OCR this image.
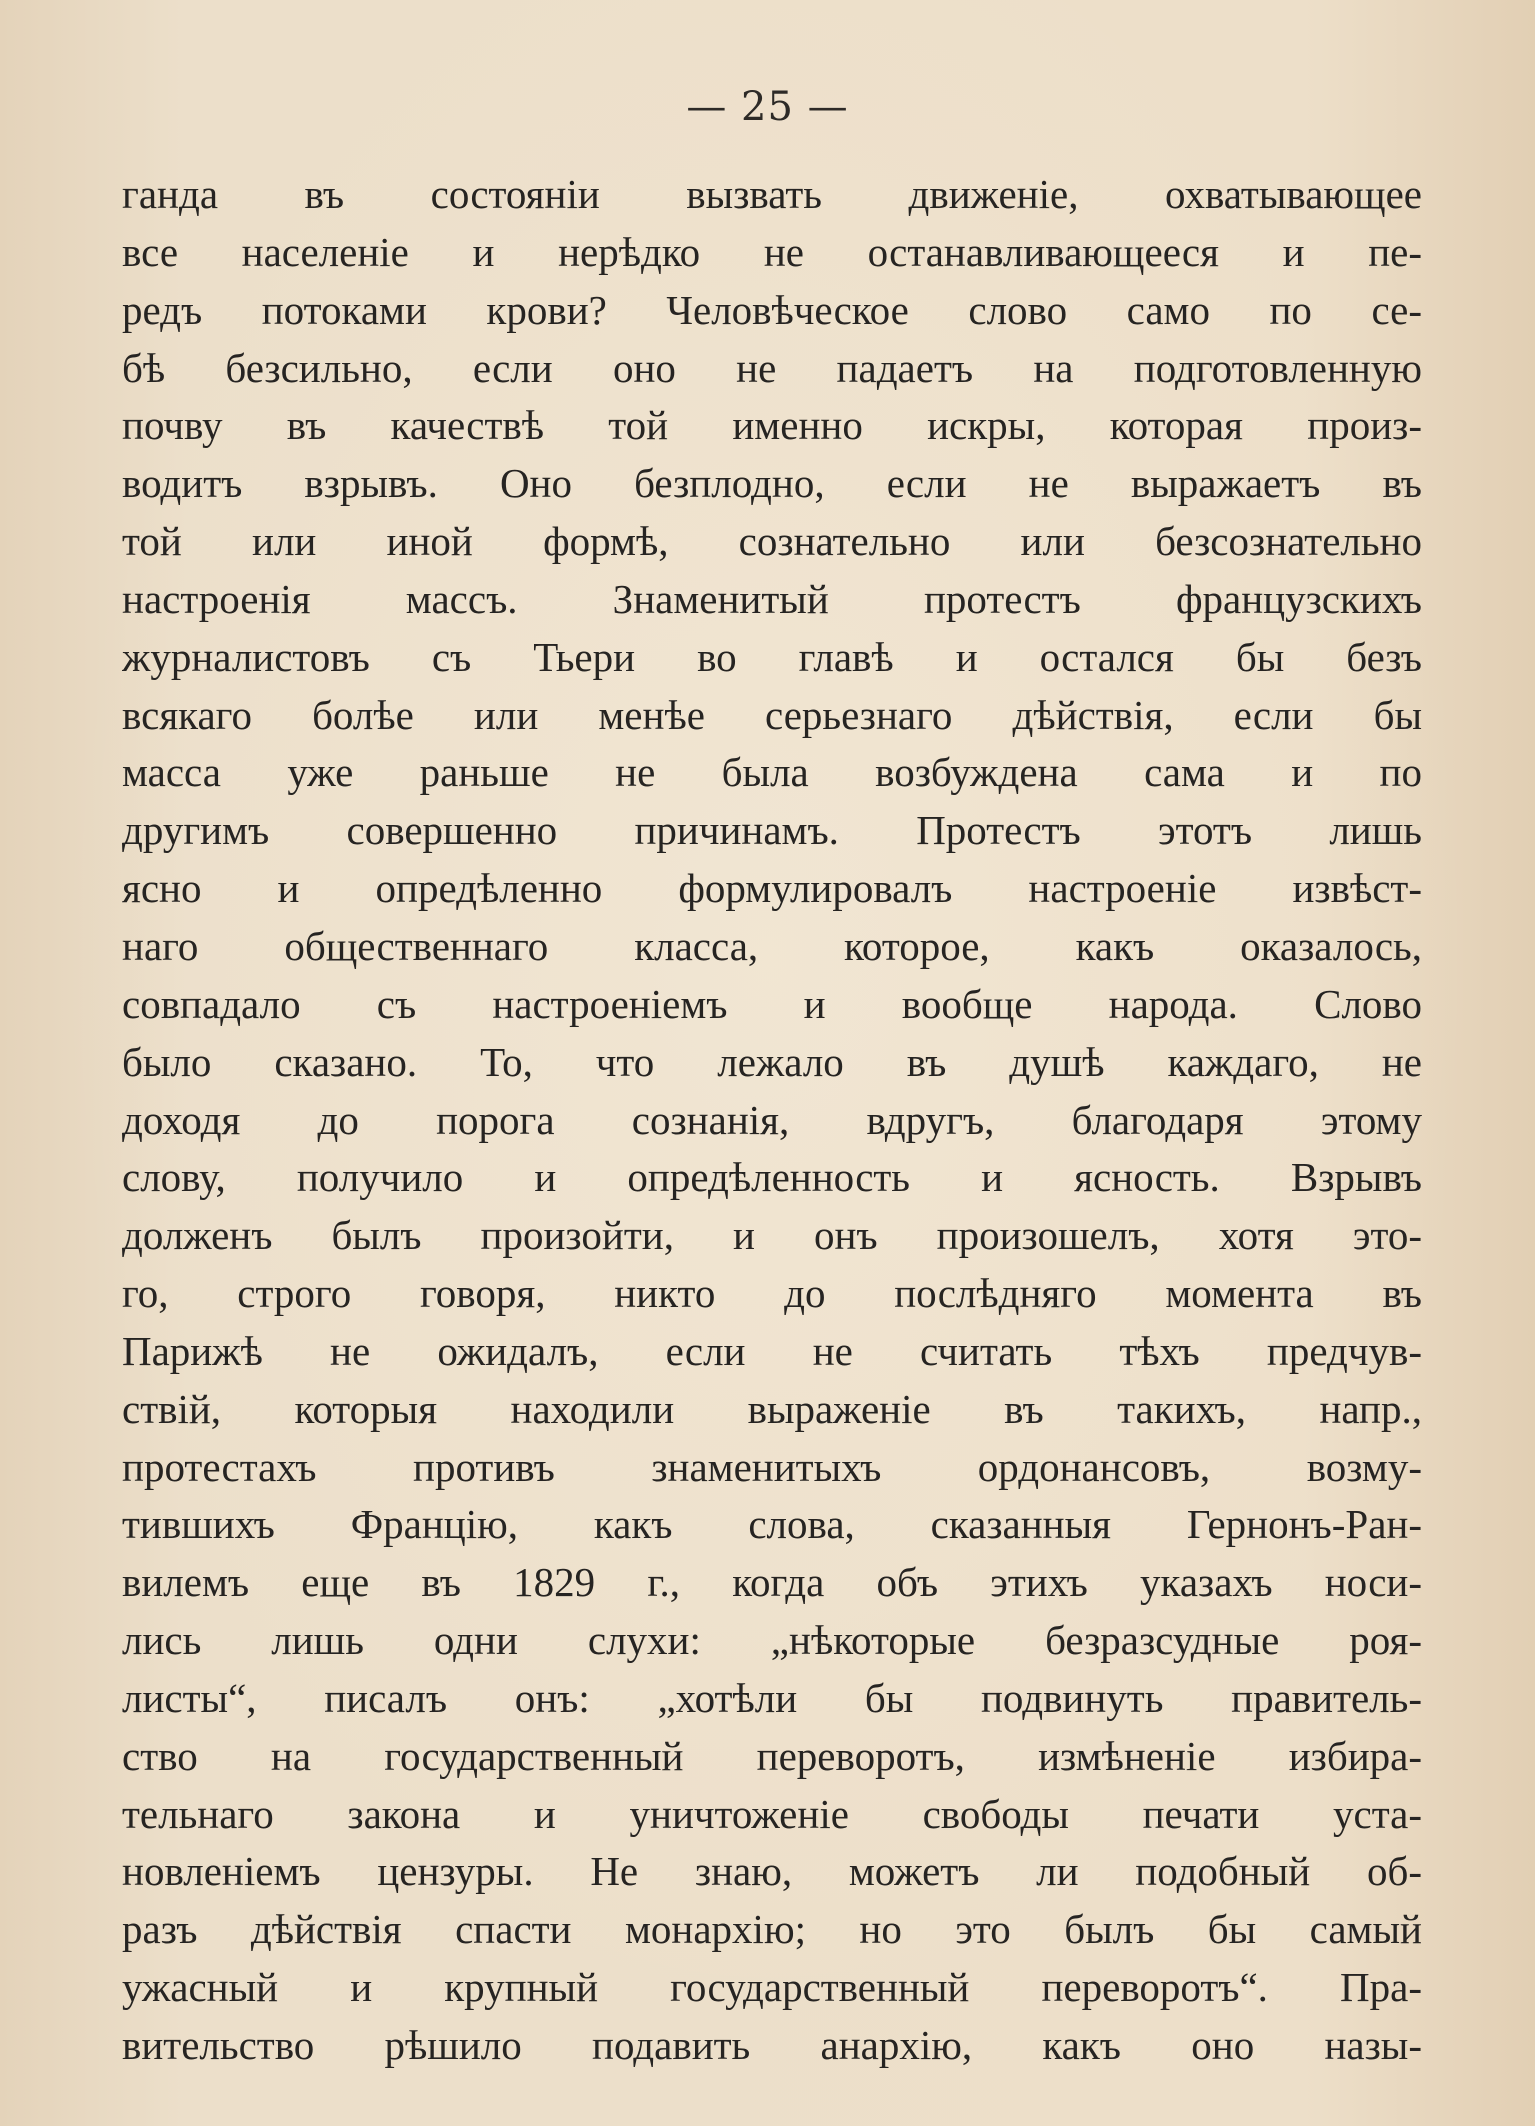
— 25 —
ганда въ состоянiи вызвать движенiе, охватывающее
все населенiе и нерѣдко не останавливающееся и пе-
редъ потоками крови? Человѣческое слово само по се-
бѣ безсильно, если оно не падаетъ на подготовленную
почву въ качествѣ той именно искры, которая произ-
водитъ взрывъ. Оно безплодно, если не выражаетъ въ
той или иной формѣ, сознательно или безсознательно
настроенiя массъ. Знаменитый протестъ французскихъ
журналистовъ съ Тьери во главѣ и остался бы безъ
всякаго болѣе или менѣе серьезнаго дѣйствiя, если бы
масса уже раньше не была возбуждена сама и по
другимъ совершенно причинамъ. Протестъ этотъ лишь
ясно и опредѣленно формулировалъ настроенiе извѣст-
наго общественнаго класса, которое, какъ оказалось,
совпадало съ настроенiемъ и вообще народа. Слово
было сказано. То, что лежало въ душѣ каждаго, не
доходя до порога сознанiя, вдругъ, благодаря этому
слову, получило и опредѣленность и ясность. Взрывъ
долженъ былъ произойти, и онъ произошелъ, хотя это-
го, строго говоря, никто до послѣдняго момента въ
Парижѣ не ожидалъ, если не считать тѣхъ предчув-
ствiй, которыя находили выраженiе въ такихъ, напр.,
протестахъ противъ знаменитыхъ ордонансовъ, возму-
тившихъ Францiю, какъ слова, сказанныя Гернонъ-Ран-
вилемъ еще въ 1829 г., когда объ этихъ указахъ носи-
лись лишь одни слухи: „нѣкоторые безразсудные роя-
листы“, писалъ онъ: „хотѣли бы подвинуть правитель-
ство на государственный переворотъ, измѣненiе избира-
тельнаго закона и уничтоженiе свободы печати уста-
новленiемъ цензуры. Не знаю, можетъ ли подобный об-
разъ дѣйствiя спасти монархiю; но это былъ бы самый
ужасный и крупный государственный переворотъ“. Пра-
вительство рѣшило подавить анархiю, какъ оно назы-
